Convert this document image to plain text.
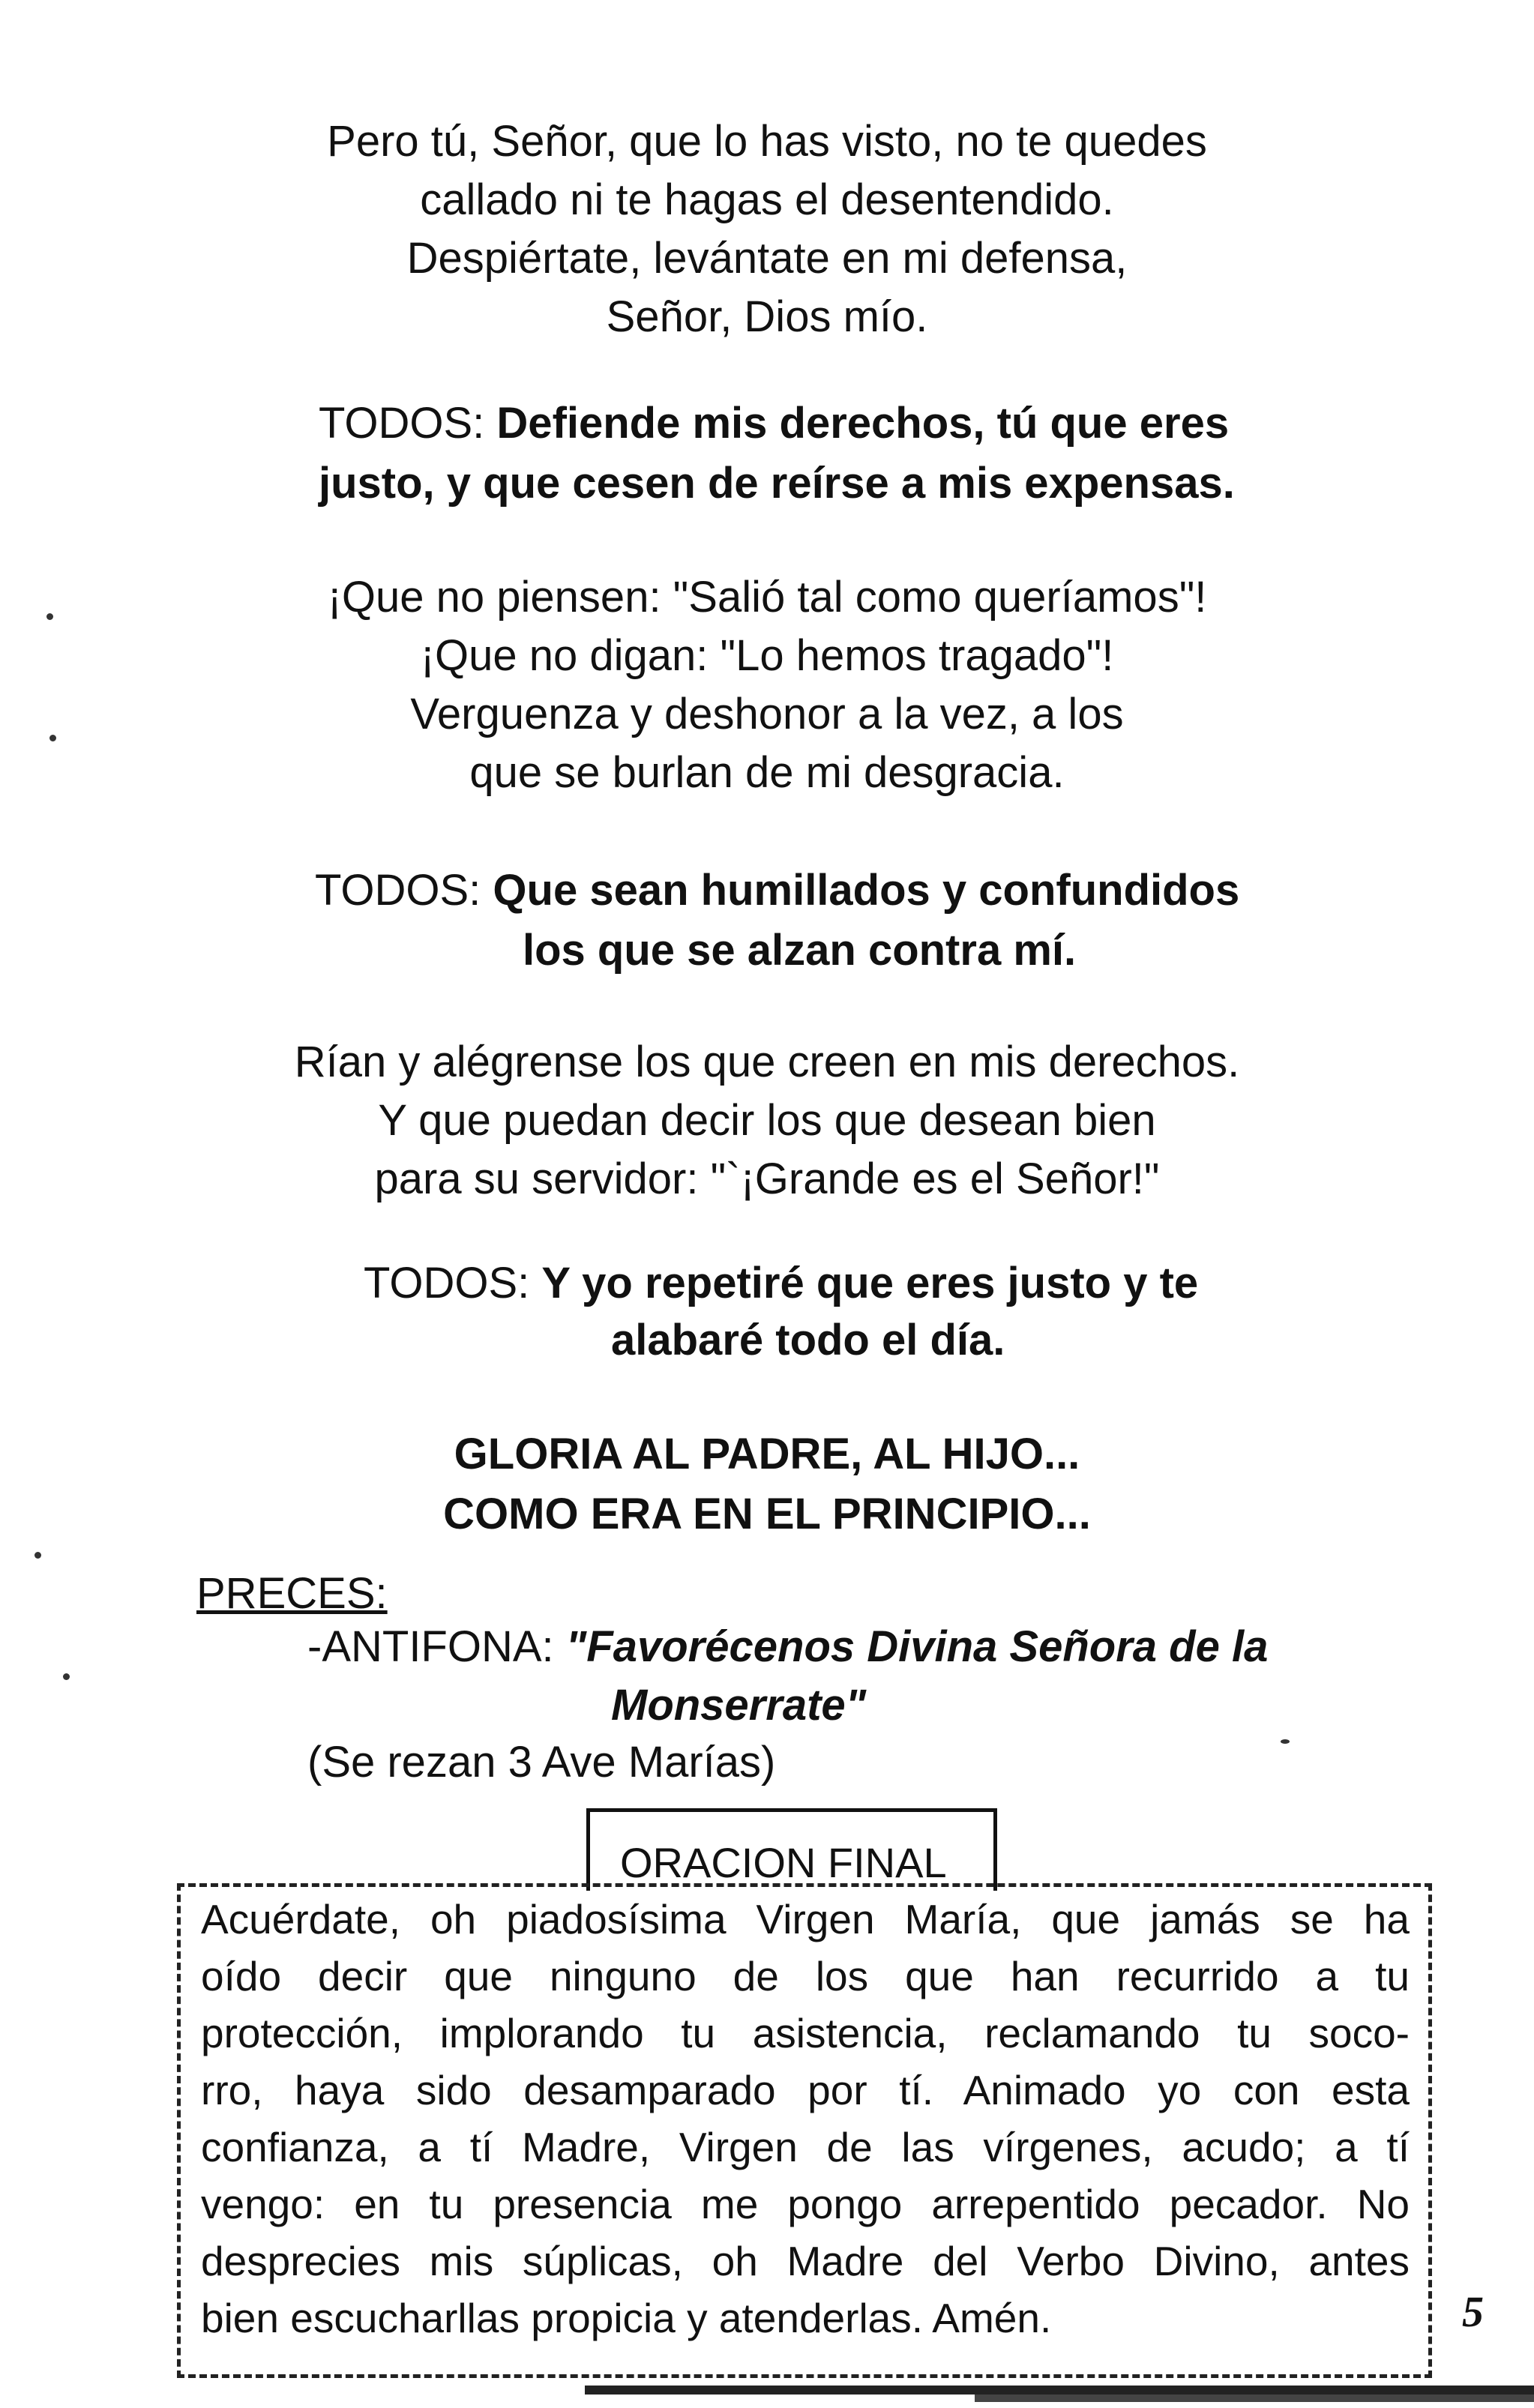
Pero tú, Señor, que lo has visto, no te quedes
callado ni te hagas el desentendido.
Despiértate, levántate en mi defensa,
Señor, Dios mío.
TODOS: Defiende mis derechos, tú que eres
justo, y que cesen de reírse a mis expensas.
¡Que no piensen: "Salió tal como queríamos"!
¡Que no digan: "Lo hemos tragado"!
Verguenza y deshonor a la vez, a los
que se burlan de mi desgracia.
TODOS: Que sean humillados y confundidos
los que se alzan contra mí.
Rían y alégrense los que creen en mis derechos.
Y que puedan decir los que desean bien
para su servidor: "`¡Grande es el Señor!"
TODOS: Y yo repetiré que eres justo y te
alabaré todo el día.
GLORIA AL PADRE, AL HIJO...
COMO ERA EN EL PRINCIPIO...
PRECES:
-ANTIFONA: "Favorécenos Divina Señora de la
Monserrate"
(Se rezan 3 Ave Marías)
ORACION FINAL
Acuérdate, oh piadosísima Virgen María, que jamás se ha
oído decir que ninguno de los que han recurrido a tu
protección, implorando tu asistencia, reclamando tu soco-
rro, haya sido desamparado por tí. Animado yo con esta
confianza, a tí Madre, Virgen de las vírgenes, acudo; a tí
vengo: en tu presencia me pongo arrepentido pecador. No
desprecies mis súplicas, oh Madre del Verbo Divino, antes
bien escucharllas propicia y atenderlas. Amén.	5
